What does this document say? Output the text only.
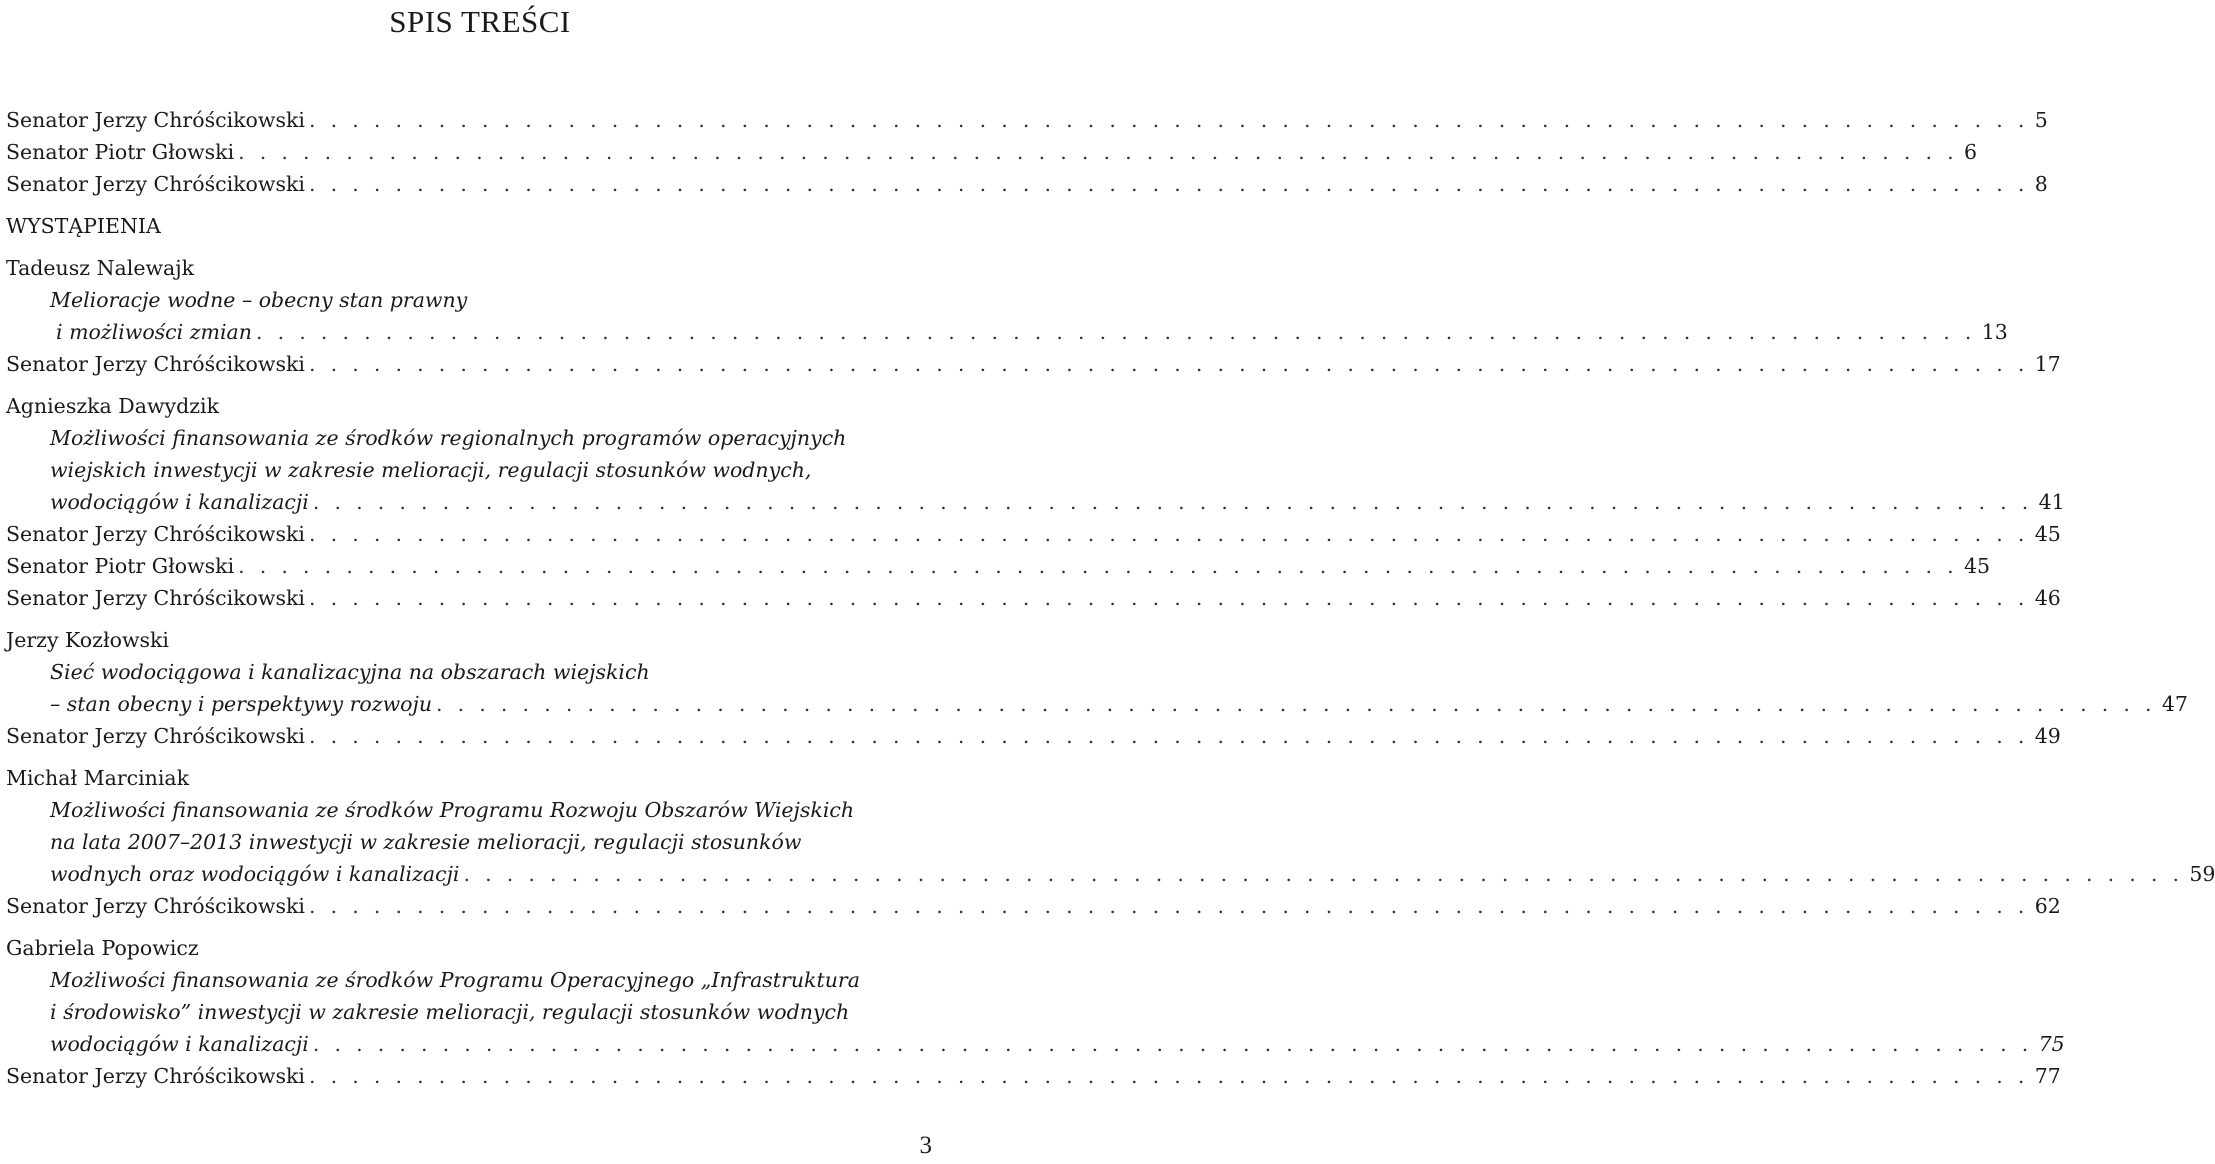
SPIS TREŚCI
Senator Jerzy Chróścikowski . . . . . . . . . . . . . . . . . . . . . . . . . . . . . . . . . . . . . . . . . . . . . . . . . . . . . . . . . . . . . . . . . . . . . . . . . . . . . . . . 5
Senator Piotr Głowski . . . . . . . . . . . . . . . . . . . . . . . . . . . . . . . . . . . . . . . . . . . . . . . . . . . . . . . . . . . . . . . . . . . . . . . . . . . . . . . . 6
Senator Jerzy Chróścikowski . . . . . . . . . . . . . . . . . . . . . . . . . . . . . . . . . . . . . . . . . . . . . . . . . . . . . . . . . . . . . . . . . . . . . . . . . . . . . . . . 8
WYSTĄPIENIA
Tadeusz Nalewajk
Melioracje wodne – obecny stan prawny
i możliwości zmian . . . . . . . . . . . . . . . . . . . . . . . . . . . . . . . . . . . . . . . . . . . . . . . . . . . . . . . . . . . . . . . . . . . . . . . . . . . . . . . . 13
Senator Jerzy Chróścikowski . . . . . . . . . . . . . . . . . . . . . . . . . . . . . . . . . . . . . . . . . . . . . . . . . . . . . . . . . . . . . . . . . . . . . . . . . . . . . . . . 17
Agnieszka Dawydzik
Możliwości finansowania ze środków regionalnych programów operacyjnych
wiejskich inwestycji w zakresie melioracji, regulacji stosunków wodnych,
wodociągów i kanalizacji . . . . . . . . . . . . . . . . . . . . . . . . . . . . . . . . . . . . . . . . . . . . . . . . . . . . . . . . . . . . . . . . . . . . . . . . . . . . . . . . 41
Senator Jerzy Chróścikowski . . . . . . . . . . . . . . . . . . . . . . . . . . . . . . . . . . . . . . . . . . . . . . . . . . . . . . . . . . . . . . . . . . . . . . . . . . . . . . . . 45
Senator Piotr Głowski . . . . . . . . . . . . . . . . . . . . . . . . . . . . . . . . . . . . . . . . . . . . . . . . . . . . . . . . . . . . . . . . . . . . . . . . . . . . . . . . 45
Senator Jerzy Chróścikowski . . . . . . . . . . . . . . . . . . . . . . . . . . . . . . . . . . . . . . . . . . . . . . . . . . . . . . . . . . . . . . . . . . . . . . . . . . . . . . . . 46
Jerzy Kozłowski
Sieć wodociągowa i kanalizacyjna na obszarach wiejskich
– stan obecny i perspektywy rozwoju . . . . . . . . . . . . . . . . . . . . . . . . . . . . . . . . . . . . . . . . . . . . . . . . . . . . . . . . . . . . . . . . . . . . . . . . . . . . . . . . 47
Senator Jerzy Chróścikowski . . . . . . . . . . . . . . . . . . . . . . . . . . . . . . . . . . . . . . . . . . . . . . . . . . . . . . . . . . . . . . . . . . . . . . . . . . . . . . . . 49
Michał Marciniak
Możliwości finansowania ze środków Programu Rozwoju Obszarów Wiejskich
na lata 2007–2013 inwestycji w zakresie melioracji, regulacji stosunków
wodnych oraz wodociągów i kanalizacji . . . . . . . . . . . . . . . . . . . . . . . . . . . . . . . . . . . . . . . . . . . . . . . . . . . . . . . . . . . . . . . . . . . . . . . . . . . . . . . . 59
Senator Jerzy Chróścikowski . . . . . . . . . . . . . . . . . . . . . . . . . . . . . . . . . . . . . . . . . . . . . . . . . . . . . . . . . . . . . . . . . . . . . . . . . . . . . . . . 62
Gabriela Popowicz
Możliwości finansowania ze środków Programu Operacyjnego „Infrastruktura
i środowisko” inwestycji w zakresie melioracji, regulacji stosunków wodnych
wodociągów i kanalizacji . . . . . . . . . . . . . . . . . . . . . . . . . . . . . . . . . . . . . . . . . . . . . . . . . . . . . . . . . . . . . . . . . . . . . . . . . . . . . . . . 75
Senator Jerzy Chróścikowski . . . . . . . . . . . . . . . . . . . . . . . . . . . . . . . . . . . . . . . . . . . . . . . . . . . . . . . . . . . . . . . . . . . . . . . . . . . . . . . . 77
3
